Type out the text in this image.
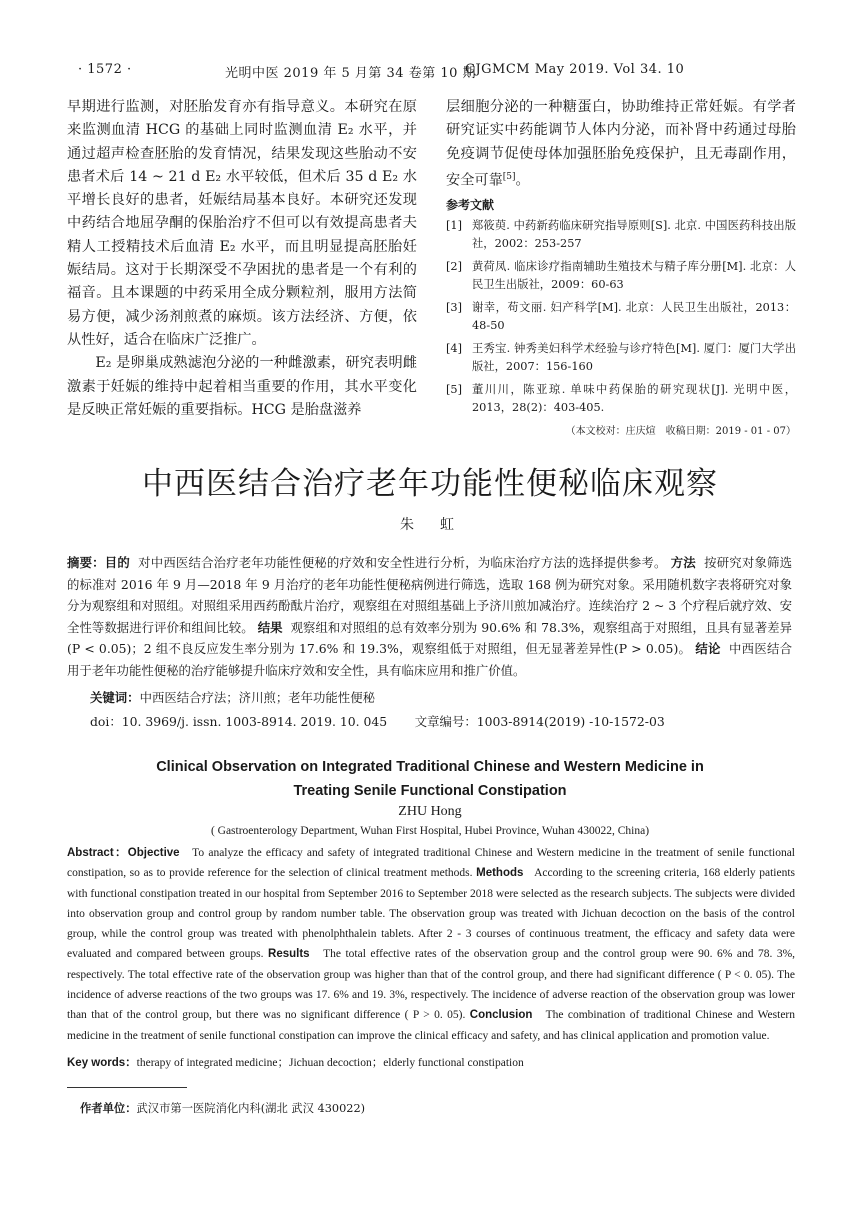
· 1572 ·	光明中医 2019 年 5 月第 34 卷第 10 期
CJGMCM May 2019. Vol 34. 10

早期进行监测，对胚胎发育亦有指导意义。本研究在原来监测血清 HCG 的基础上同时监测血清 E₂ 水平，并通过超声检查胚胎的发育情况，结果发现这些胎动不安患者术后 14 ~ 21 d E₂ 水平较低，但术后 35 d E₂ 水平增长良好的患者，妊娠结局基本良好。本研究还发现中药结合地屈孕酮的保胎治疗不但可以有效提高患者夫精人工授精技术后血清 E₂ 水平，而且明显提高胚胎妊娠结局。这对于长期深受不孕困扰的患者是一个有利的福音。且本课题的中药采用全成分颗粒剂，服用方法简易方便，减少汤剂煎煮的麻烦。该方法经济、方便，依从性好，适合在临床广泛推广。

E₂ 是卵巢成熟滤泡分泌的一种雌激素，研究表明雌激素于妊娠的维持中起着相当重要的作用，其水平变化是反映正常妊娠的重要指标。HCG 是胎盘滋养

层细胞分泌的一种糖蛋白，协助维持正常妊娠。有学者研究证实中药能调节人体内分泌，而补肾中药通过母胎免疫调节促使母体加强胚胎免疫保护，且无毒副作用，安全可靠[5]。

参考文献
[1] 郑筱萸. 中药新药临床研究指导原则[S]. 北京. 中国医药科技出版社，2002：253-257
[2] 黄荷凤. 临床诊疗指南辅助生殖技术与精子库分册[M]. 北京：人民卫生出版社，2009：60-63
[3] 谢幸，苟文丽. 妇产科学[M]. 北京：人民卫生出版社，2013：48-50
[4] 王秀宝. 钟秀美妇科学术经验与诊疗特色[M]. 厦门：厦门大学出版社，2007：156-160
[5] 董川川，陈亚琼. 单味中药保胎的研究现状[J]. 光明中医，2013，28(2)：403-405.
（本文校对：庄庆煊　收稿日期：2019 - 01 - 07）
中西医结合治疗老年功能性便秘临床观察
朱　虹
摘要：目的 对中西医结合治疗老年功能性便秘的疗效和安全性进行分析，为临床治疗方法的选择提供参考。 方法 按研究对象筛选的标准对 2016 年 9 月—2018 年 9 月治疗的老年功能性便秘病例进行筛选，选取 168 例为研究对象。采用随机数字表将研究对象分为观察组和对照组。对照组采用西药酚酞片治疗，观察组在对照组基础上予济川煎加减治疗。连续治疗 2 ~ 3 个疗程后就疗效、安全性等数据进行评价和组间比较。 结果 观察组和对照组的总有效率分别为 90.6% 和 78.3%，观察组高于对照组，且具有显著差异(P < 0.05)；2 组不良反应发生率分别为 17.6% 和 19.3%，观察组低于对照组，但无显著差异性(P > 0.05)。 结论 中西医结合用于老年功能性便秘的治疗能够提升临床疗效和安全性，具有临床应用和推广价值。
关键词：中西医结合疗法；济川煎；老年功能性便秘
doi：10. 3969/j. issn. 1003-8914. 2019. 10. 045 文章编号：1003-8914(2019) -10-1572-03
Clinical Observation on Integrated Traditional Chinese and Western Medicine in
Treating Senile Functional Constipation
ZHU Hong
( Gastroenterology Department, Wuhan First Hospital, Hubei Province, Wuhan 430022, China)
Abstract：Objective To analyze the efficacy and safety of integrated traditional Chinese and Western medicine in the treatment of senile functional constipation, so as to provide reference for the selection of clinical treatment methods. Methods According to the screening criteria, 168 elderly patients with functional constipation treated in our hospital from September 2016 to September 2018 were selected as the research subjects. The subjects were divided into observation group and control group by random number table. The observation group was treated with Jichuan decoction on the basis of the control group, while the control group was treated with phenolphthalein tablets. After 2 - 3 courses of continuous treatment, the efficacy and safety data were evaluated and compared between groups. Results The total effective rates of the observation group and the control group were 90. 6% and 78. 3%, respectively. The total effective rate of the observation group was higher than that of the control group, and there had significant difference ( P < 0. 05). The incidence of adverse reactions of the two groups was 17. 6% and 19. 3%, respectively. The incidence of adverse reaction of the observation group was lower than that of the control group, but there was no significant difference ( P > 0. 05). Conclusion The combination of traditional Chinese and Western medicine in the treatment of senile functional constipation can improve the clinical efficacy and safety, and has clinical application and promotion value.
Key words：therapy of integrated medicine；Jichuan decoction；elderly functional constipation
作者单位：武汉市第一医院消化内科(湖北 武汉 430022)
